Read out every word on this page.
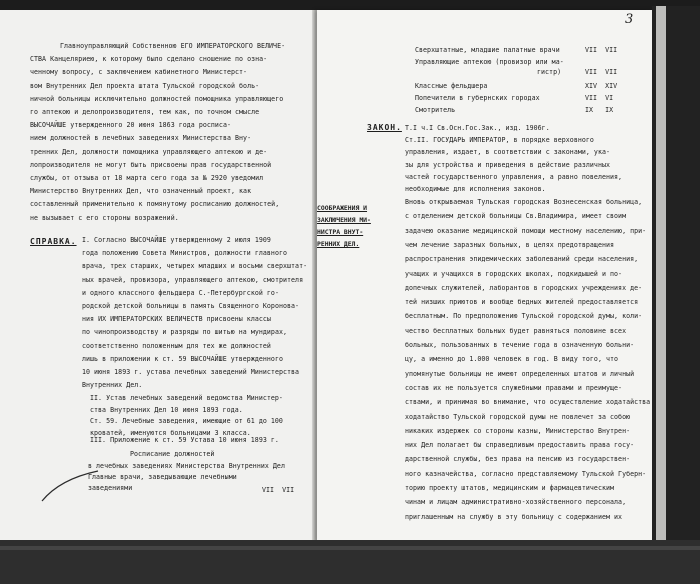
Главноуправляющий Собственною ЕГО ИМПЕРАТОРСКОГО ВЕЛИЧЕ-
СТВА Канцеляриею, к которому было сделано сношение по озна-
ченному вопросу, с заключением кабинетного Министерст-
вом Внутренних Дел проекта штата Тульской городской боль-
ничной больницы исключительно должностей помощника управляющего
го аптекою и делопроизводителя, тем как, по точном смысле
ВЫСОЧАЙШЕ утвержденного 20 июня 1863 года росписа-
нием должностей в лечебных заведениях Министерства Вну-
тренних Дел, должности помощника управляющего аптекою и де-
лопроизводителя не могут быть присвоены прав государственной
службы, от отзыва от 18 марта сего года за № 2920 уведомил
Министерство Внутренних Дел, что означенный проект, как
составленный применительно к помянутому росписанию должностей,
не вызывает с его стороны возражений.
СПРАВКА. I. Согласно ВЫСОЧАЙШЕ утвержденному 2 июля 1909
года положению Совета Министров, должности главного
врача, трех старших, четырех младших и восьми сверхштат-
ных врачей, провизора, управляющего аптекою, смотрителя
и одного классного фельдшера С.-Петербургской го-
родской детской больницы в память Священного Коронова-
ния ИХ ИМПЕРАТОРСКИХ ВЕЛИЧЕСТВ присвоены классы
по чинопроизводству и разряды по шитью на мундирах,
соответственно положенным для тех же должностей
лишь в приложении к ст. 59 ВЫСОЧАЙШЕ утвержденного
10 июня 1893 г. устава лечебных заведений Министерства
Внутренних Дел.
II. Устав лечебных заведений ведомства Министер-
ства Внутренних Дел 10 июня 1893 года.
Ст. 59. Лечебные заведения, имеющие от 61 до 100
кроватей, именуются больницами 3 класса.
III. Приложение к ст. 59 Устава 10 июня 1893 г.
Росписание должностей
в лечебных заведениях Министерства Внутренних Дел
Главные врачи, заведывающие лечебными
заведениями	VII  VII
3
Сверхштатные, младшие палатные врачи	VII  VII
Управляющие аптекою (провизор или ма-
гистр)	VII  VII
Классные фельдшера	XIV  XIV
Попечители в губернских городах	VII  VI
Смотритель	IX   IX
ЗАКОН. Т.I ч.I Св.Осн.Гос.Зак., изд. 1906г.
Ст.II. ГОСУДАРЬ ИМПЕРАТОР, в порядке верховного
управления, издает, в соответствии с законами, ука-
зы для устройства и приведения в действие различных
частей государственного управления, а равно повеления,
необходимые для исполнения законов.
СООБРАЖЕНИЯ И
ЗАКЛЮЧЕНИЯ МИ-
НИСТРА ВНУТ-
РЕННИХ ДЕЛ.
Вновь открываемая Тульская городская Вознесенская больница,
с отделением детской больницы Св.Владимира, имеет своим
задачею оказание медицинской помощи местному населению, при-
чем лечение заразных больных, в целях предотвращения
распространения эпидемических заболеваний среди населения,
учащих и учащихся в городских школах, подкидышей и по-
допечных служителей, лаборантов в городских учреждениях де-
тей низших приютов и вообще бедных жителей предоставляется
бесплатным. По предположению Тульской городской думы, коли-
чество бесплатных больных будет равняться половине всех
больных, пользованных в течение года в означенную больни-
цу, а именно до 1.000 человек в год. В виду того, что
упомянутые больницы не имеют определенных штатов и личный
состав их не пользуется служебными правами и преимуще-
ствами, и принимая во внимание, что осуществление ходатайства
ходатайство Тульской городской думы не повлечет за собою
никаких издержек со стороны казны, Министерство Внутрен-
них Дел полагает бы справедливым предоставить права госу-
дарственной службы, без права на пенсию из государствен-
ного казначейства, согласно представляемому Тульской Губерн-
торию проекту штатов, медицинским и фармацевтическим
чинам и лицам административно-хозяйственного персонала,
приглашенным на службу в эту больницу с содержанием их
